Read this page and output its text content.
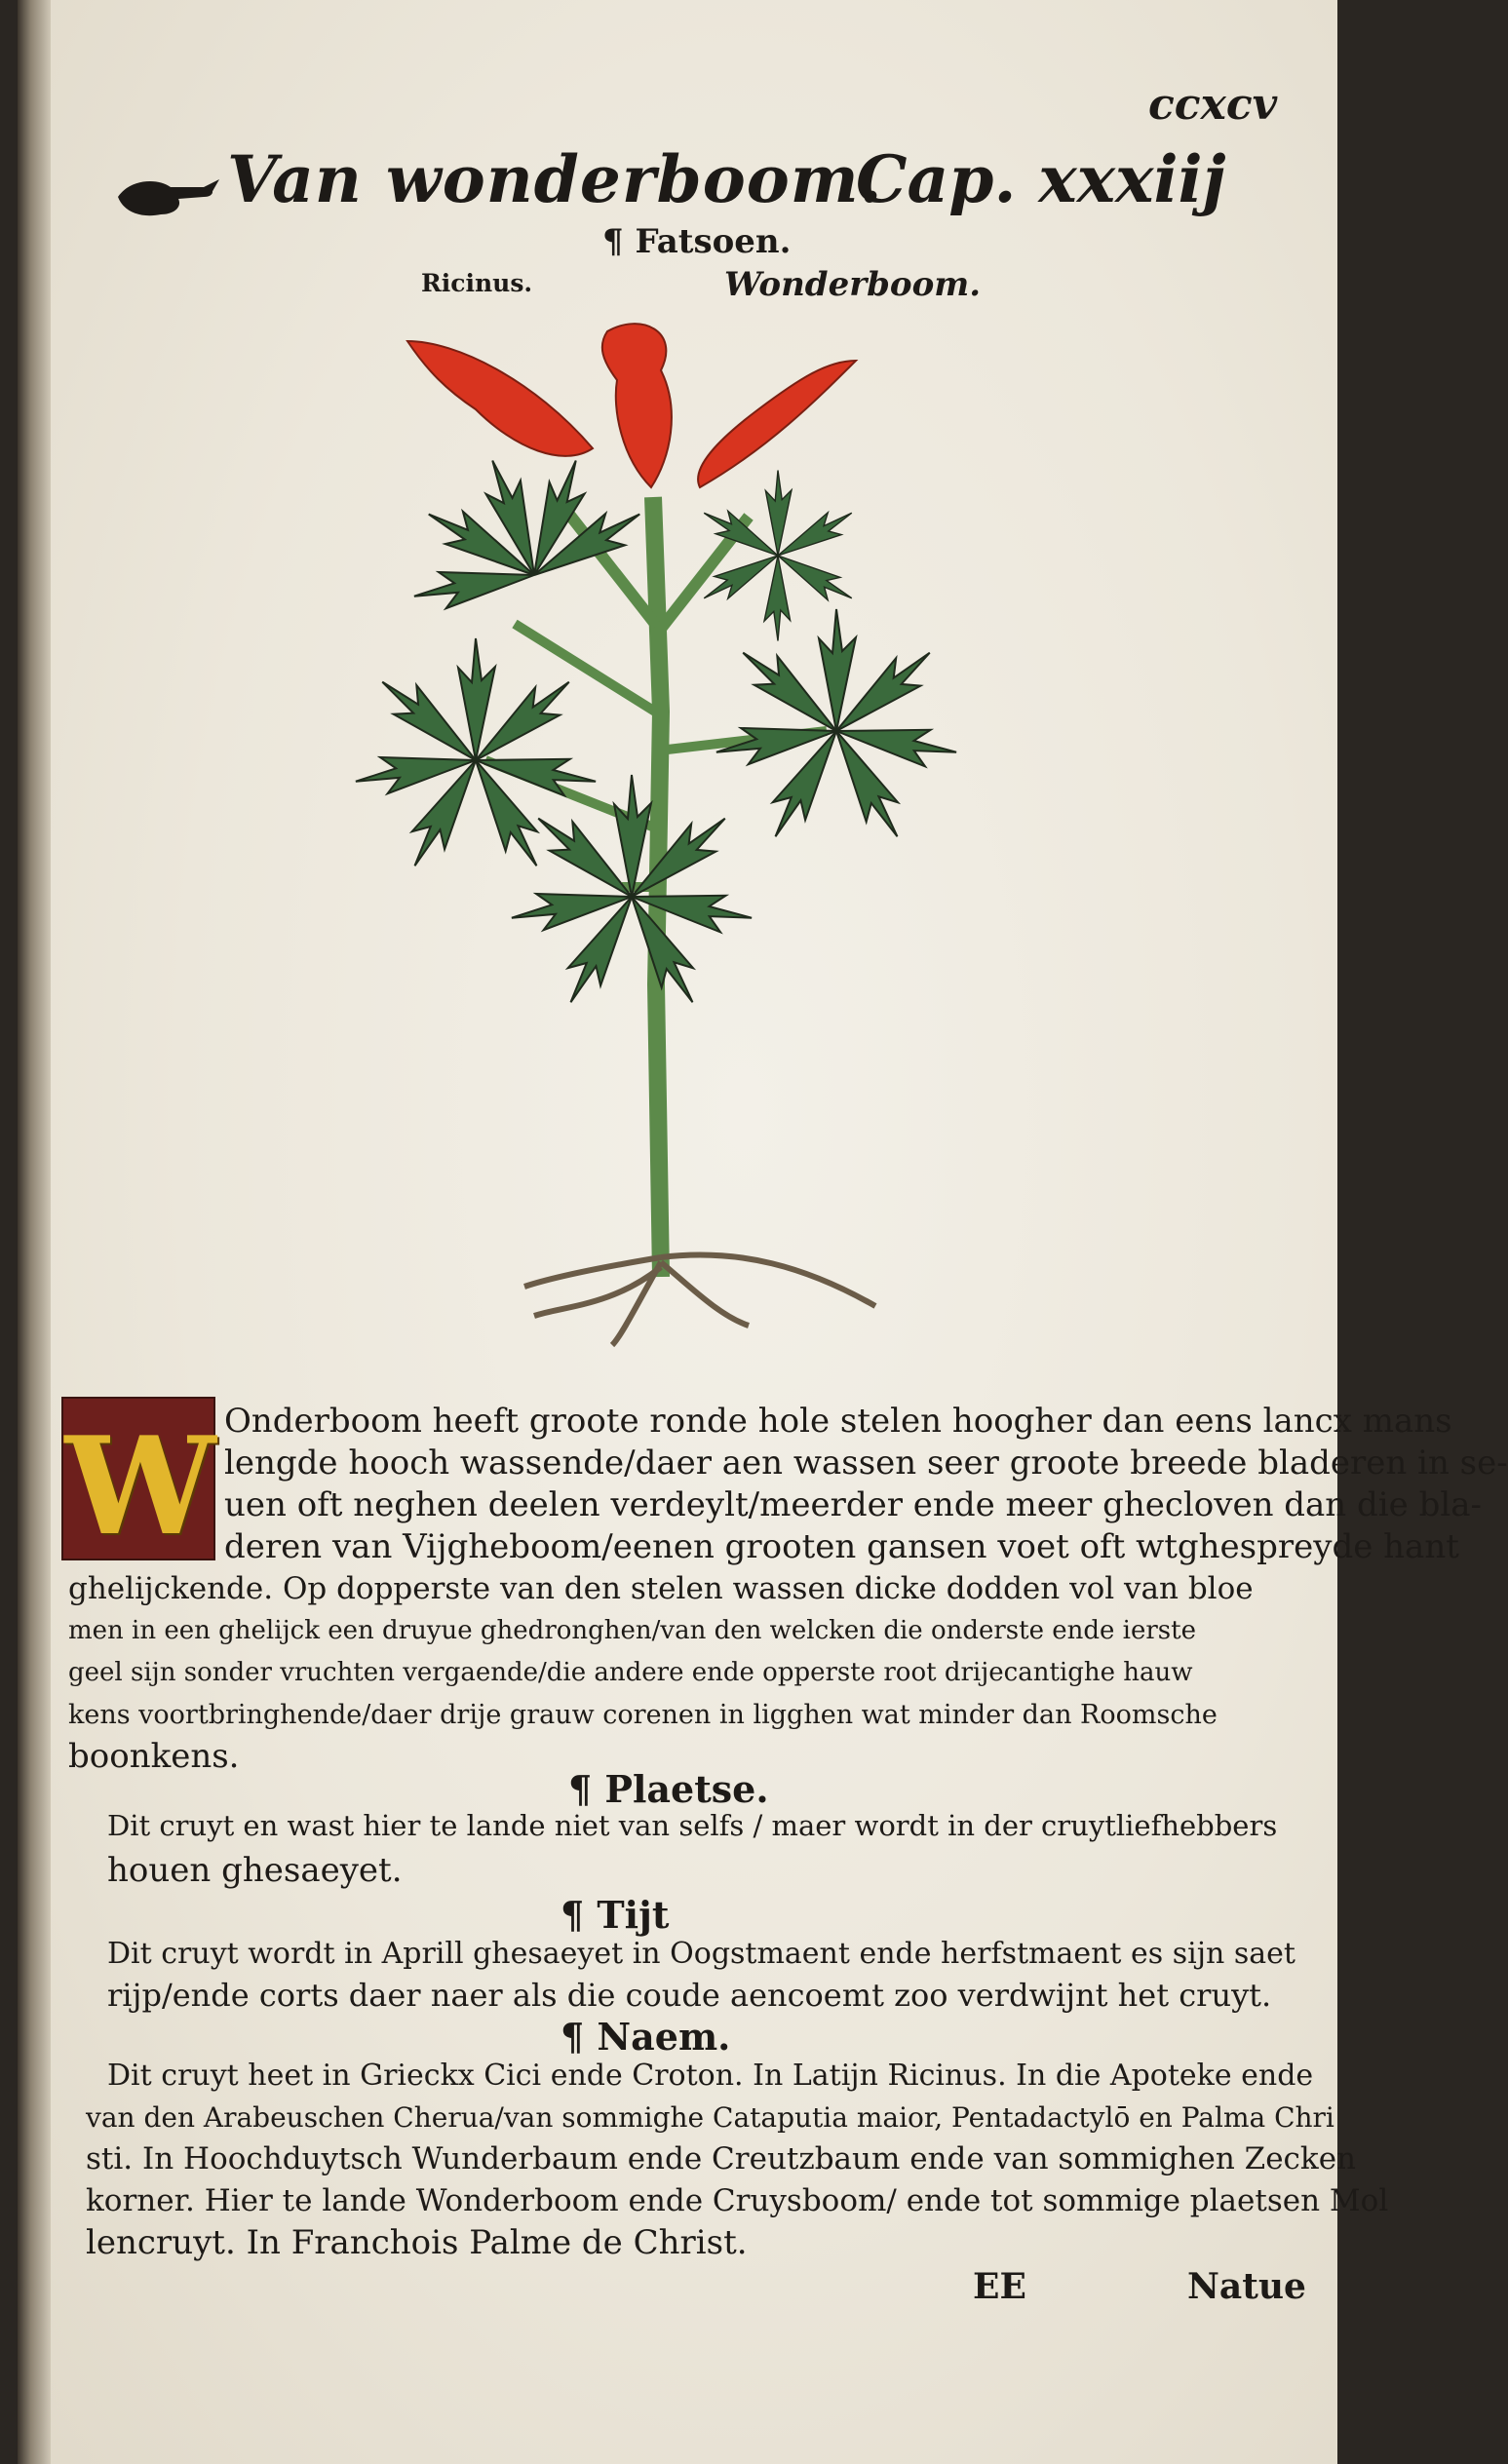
ccxcv
Van wonderboom.
Cap. xxxiij
¶ Fatsoen.
Ricinus.	Wonderboom.
W Onderboom heeft groote ronde hole stelen hoogher dan eens lancx mans
lengde hooch wassende/daer aen wassen seer groote breede bladeren in se-
uen oft neghen deelen verdeylt/meerder ende meer ghecloven dan die bla-
deren van Vijgheboom/eenen grooten gansen voet oft wtghespreyde hant
ghelijckende. Op dopperste van den stelen wassen dicke dodden vol van bloe
men in een ghelijck een druyue ghedronghen/van den welcken die onderste ende ierste
geel sijn sonder vruchten vergaende/die andere ende opperste root drijecantighe hauw
kens voortbringhende/daer drije grauw corenen in ligghen wat minder dan Roomsche
boonkens.
¶ Plaetse.
Dit cruyt en wast hier te lande niet van selfs / maer wordt in der cruytliefhebbers
houen ghesaeyet.
¶ Tijt
Dit cruyt wordt in Aprill ghesaeyet in Oogstmaent ende herfstmaent es sijn saet
rijp/ende corts daer naer als die coude aencoemt zoo verdwijnt het cruyt.
¶ Naem.
Dit cruyt heet in Grieckx Cici ende Croton. In Latijn Ricinus. In die Apoteke ende
van den Arabeuschen Cherua/van sommighe Cataputia maior, Pentadactylō en Palma Chri
sti. In Hoochduytsch Wunderbaum ende Creutzbaum ende van sommighen Zecken
korner. Hier te lande Wonderboom ende Cruysboom/ ende tot sommige plaetsen Mol
lencruyt. In Franchois Palme de Christ.
EE	Natue
